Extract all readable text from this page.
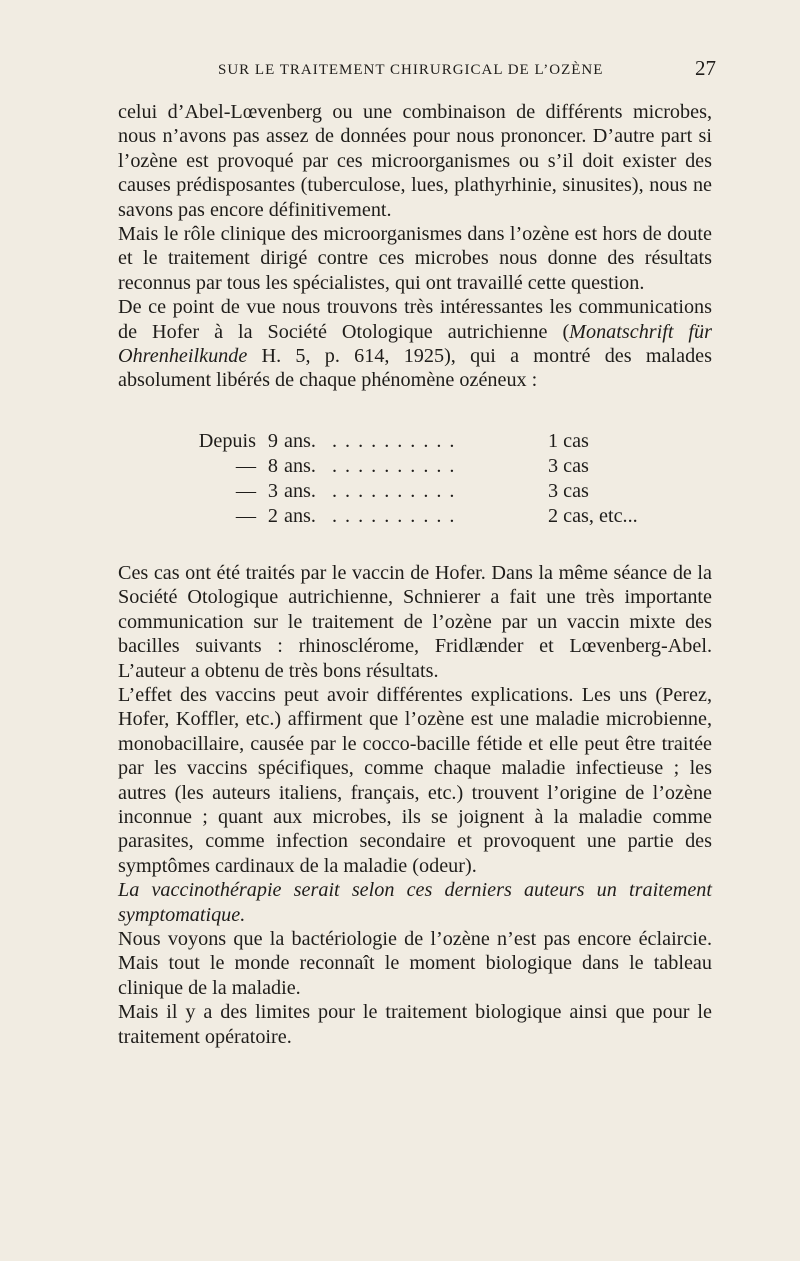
SUR LE TRAITEMENT CHIRURGICAL DE L’OZÈNE	27

celui d’Abel-Lœvenberg ou une combinaison de différents microbes, nous n’avons pas assez de données pour nous prononcer. D’autre part si l’ozène est provoqué par ces microorganismes ou s’il doit exister des causes prédisposantes (tuberculose, lues, plathyrhinie, sinusites), nous ne savons pas encore définitivement.

Mais le rôle clinique des microorganismes dans l’ozène est hors de doute et le traitement dirigé contre ces microbes nous donne des résultats reconnus par tous les spécialistes, qui ont travaillé cette question.

De ce point de vue nous trouvons très intéressantes les communications de Hofer à la Société Otologique autrichienne (Monatschrift für Ohrenheilkunde H. 5, p. 614, 1925), qui a montré des malades absolument libérés de chaque phénomène ozéneux :

Depuis 9 ans. ..........	1 cas
— 8 ans. ..........	3 cas
— 3 ans. ..........	3 cas
— 2 ans. ..........	2 cas, etc...

Ces cas ont été traités par le vaccin de Hofer. Dans la même séance de la Société Otologique autrichienne, Schnierer a fait une très importante communication sur le traitement de l’ozène par un vaccin mixte des bacilles suivants : rhinosclérome, Fridlænder et Lœvenberg-Abel. L’auteur a obtenu de très bons résultats.

L’effet des vaccins peut avoir différentes explications. Les uns (Perez, Hofer, Koffler, etc.) affirment que l’ozène est une maladie microbienne, monobacillaire, causée par le cocco-bacille fétide et elle peut être traitée par les vaccins spécifiques, comme chaque maladie infectieuse ; les autres (les auteurs italiens, français, etc.) trouvent l’origine de l’ozène inconnue ; quant aux microbes, ils se joignent à la maladie comme parasites, comme infection secondaire et provoquent une partie des symptômes cardinaux de la maladie (odeur).

La vaccinothérapie serait selon ces derniers auteurs un traitement symptomatique.

Nous voyons que la bactériologie de l’ozène n’est pas encore éclaircie. Mais tout le monde reconnaît le moment biologique dans le tableau clinique de la maladie.

Mais il y a des limites pour le traitement biologique ainsi que pour le traitement opératoire.
